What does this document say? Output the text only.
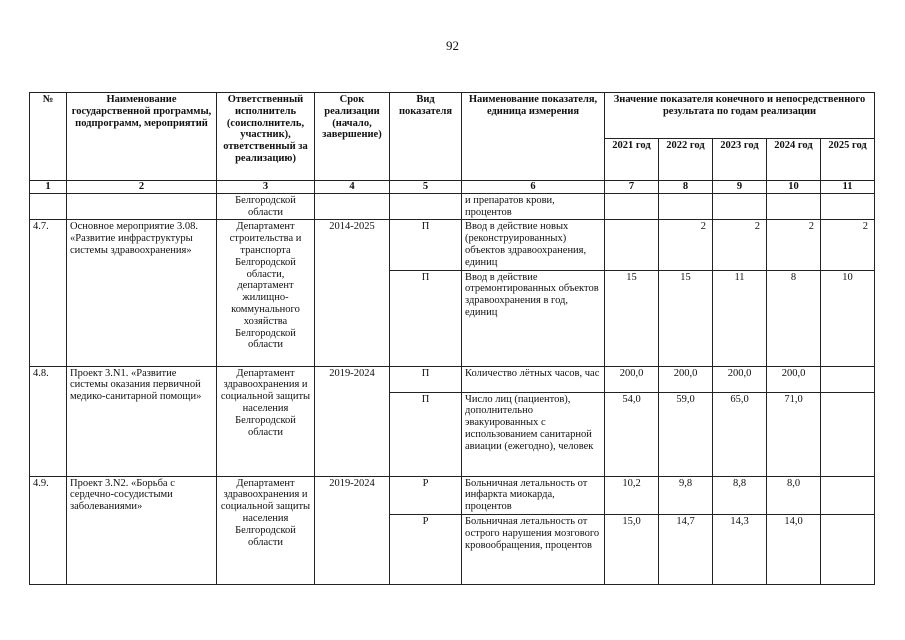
92
№	Наименование государственной программы, подпрограмм, мероприятий	Ответственный исполнитель (соисполнитель, участник), ответственный за реализацию)	Срок реализации (начало, завершение)	Вид показателя	Наименование показателя, единица измерения	Значение показателя конечного и непосредственного результата по годам реализации				
						2021 год	2022 год	2023 год	2024 год	2025 год
1	2	3	4	5	6	7	8	9	10	11
		Белгородской области			и препаратов крови, процентов					
4.7.	Основное мероприятие 3.08. «Развитие инфраструктуры системы здравоохранения»	Департамент строительства и транспорта Белгородской области, департамент жилищно-коммунального хозяйства Белгородской области	2014-2025	П	Ввод в действие новых (реконструированных) объектов здравоохранения, единиц		2	2	2	2
				П	Ввод в действие отремонтированных объектов здравоохранения в год, единиц	15	15	11	8	10
4.8.	Проект 3.N1. «Развитие системы оказания первичной медико-санитарной помощи»	Департамент здравоохранения и социальной защиты населения Белгородской области	2019-2024	П	Количество лётных часов, час	200,0	200,0	200,0	200,0	
				П	Число лиц (пациентов), дополнительно эвакуированных с использованием санитарной авиации (ежегодно), человек	54,0	59,0	65,0	71,0	
4.9.	Проект 3.N2. «Борьба с сердечно-сосудистыми заболеваниями»	Департамент здравоохранения и социальной защиты населения Белгородской области	2019-2024	Р	Больничная летальность от инфаркта миокарда, процентов	10,2	9,8	8,8	8,0	
				Р	Больничная летальность от острого нарушения мозгового кровообращения, процентов	15,0	14,7	14,3	14,0	
